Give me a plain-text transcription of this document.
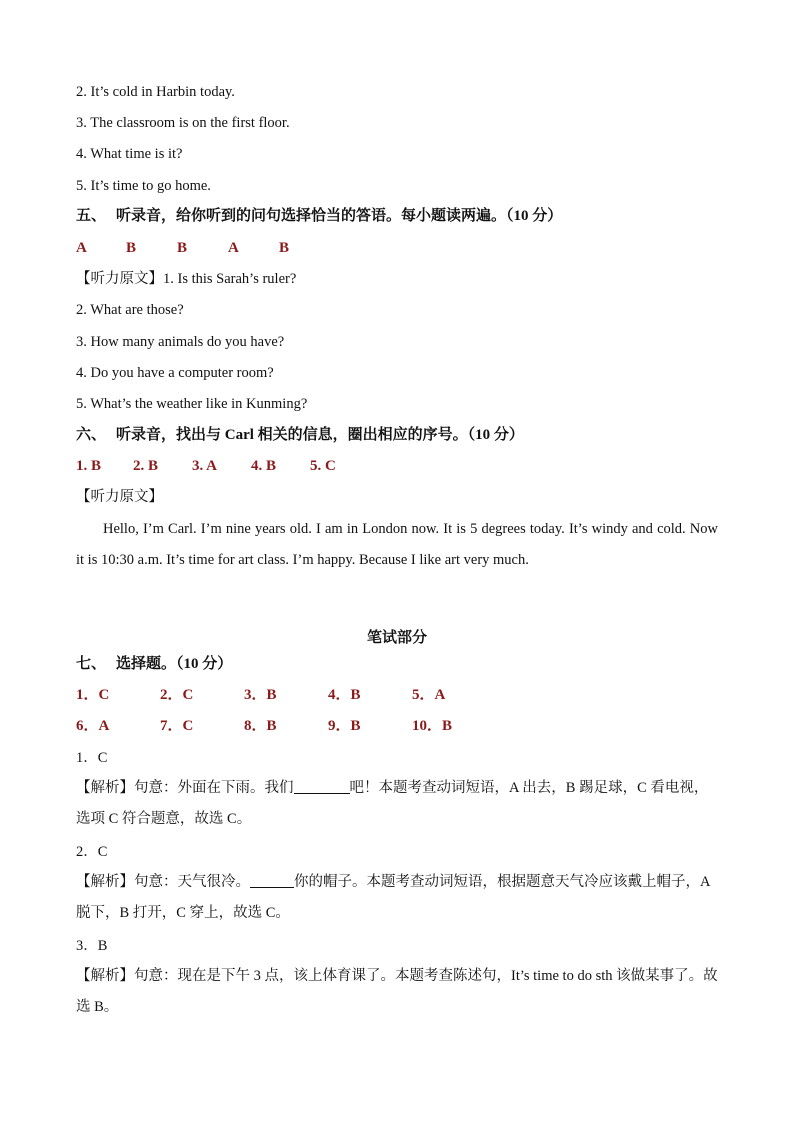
2. It’s cold in Harbin today.
3. The classroom is on the first floor.
4. What time is it?
5. It’s time to go home.
五、 听录音，给你听到的问句选择恰当的答语。每小题读两遍。（10 分）
A	B	B	A	B
【听力原文】1. Is this Sarah’s ruler?
2. What are those?
3. How many animals do you have?
4. Do you have a computer room?
5. What’s the weather like in Kunming?
六、 听录音，找出与 Carl 相关的信息，圈出相应的序号。（10 分）
1. B 2. B 3. A 4. B 5. C
【听力原文】
Hello, I’m Carl. I’m nine years old. I am in London now. It is 5 degrees today. It’s windy and cold. Now it is 10:30 a.m. It’s time for art class. I’m happy. Because I like art very much.
笔试部分
七、 选择题。（10 分）
1．C	2．C	3．B	4．B	5．A
6．A	7．C	8．B	9．B	10．B
1．C
【解析】句意：外面在下雨。我们	吧！本题考查动词短语，A 出去，B 踢足球，C 看电视，选项 C 符合题意，故选 C。
2．C
【解析】句意：天气很冷。	你的帽子。本题考查动词短语，根据题意天气冷应该戴上帽子，A 脱下，B 打开，C 穿上，故选 C。
3．B
【解析】句意：现在是下午 3 点，该上体育课了。本题考查陈述句，It’s time to do sth 该做某事了。故选 B。
